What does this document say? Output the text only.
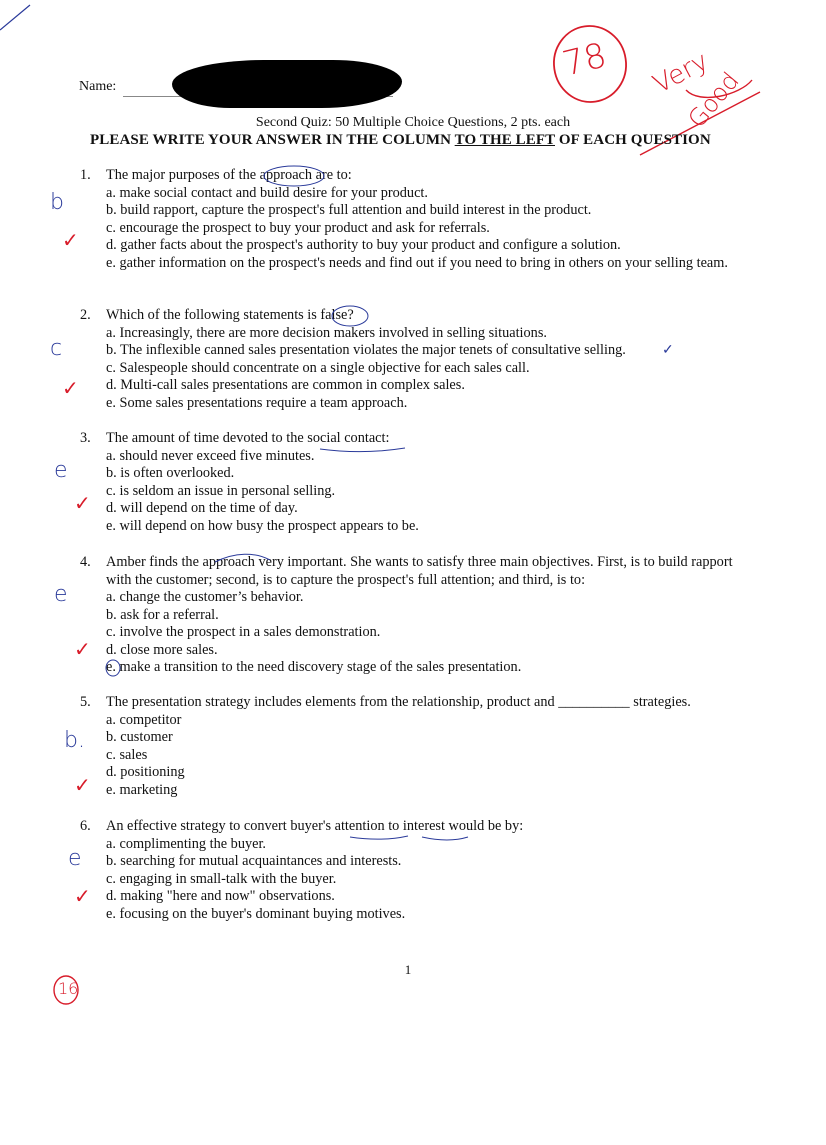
Name:
78 Very
Good
Second Quiz: 50 Multiple Choice Questions, 2 pts. each
PLEASE WRITE YOUR ANSWER IN THE COLUMN TO THE LEFT OF EACH QUESTION
1.	The major purposes of the approach are to:
a. make social contact and build desire for your product.
b. build rapport, capture the prospect's full attention and build interest in the product.
c. encourage the prospect to buy your product and ask for referrals.
d. gather facts about the prospect's authority to buy your product and configure a solution.
e. gather information on the prospect's needs and find out if you need to bring in others on your selling team.
b
✓
2.	Which of the following statements is false?
a. Increasingly, there are more decision makers involved in selling situations.
b. The inflexible canned sales presentation violates the major tenets of consultative selling.
c. Salespeople should concentrate on a single objective for each sales call.
d. Multi-call sales presentations are common in complex sales.
e. Some sales presentations require a team approach.
c
✓
✓
3.	The amount of time devoted to the social contact:
a. should never exceed five minutes.
b. is often overlooked.
c. is seldom an issue in personal selling.
d. will depend on the time of day.
e. will depend on how busy the prospect appears to be.
e
✓
4.	Amber finds the approach very important. She wants to satisfy three main objectives. First, is to build rapport with the customer; second, is to capture the prospect's full attention; and third, is to:
a. change the customer’s behavior.
b. ask for a referral.
c. involve the prospect in a sales demonstration.
d. close more sales.
e. make a transition to the need discovery stage of the sales presentation.
e
✓
5.	The presentation strategy includes elements from the relationship, product and __________ strategies.
a. competitor
b. customer
c. sales
d. positioning
e. marketing
b.
✓
6.	An effective strategy to convert buyer's attention to interest would be by:
a. complimenting the buyer.
b. searching for mutual acquaintances and interests.
c. engaging in small-talk with the buyer.
d. making "here and now" observations.
e. focusing on the buyer's dominant buying motives.
e
✓
1
16
